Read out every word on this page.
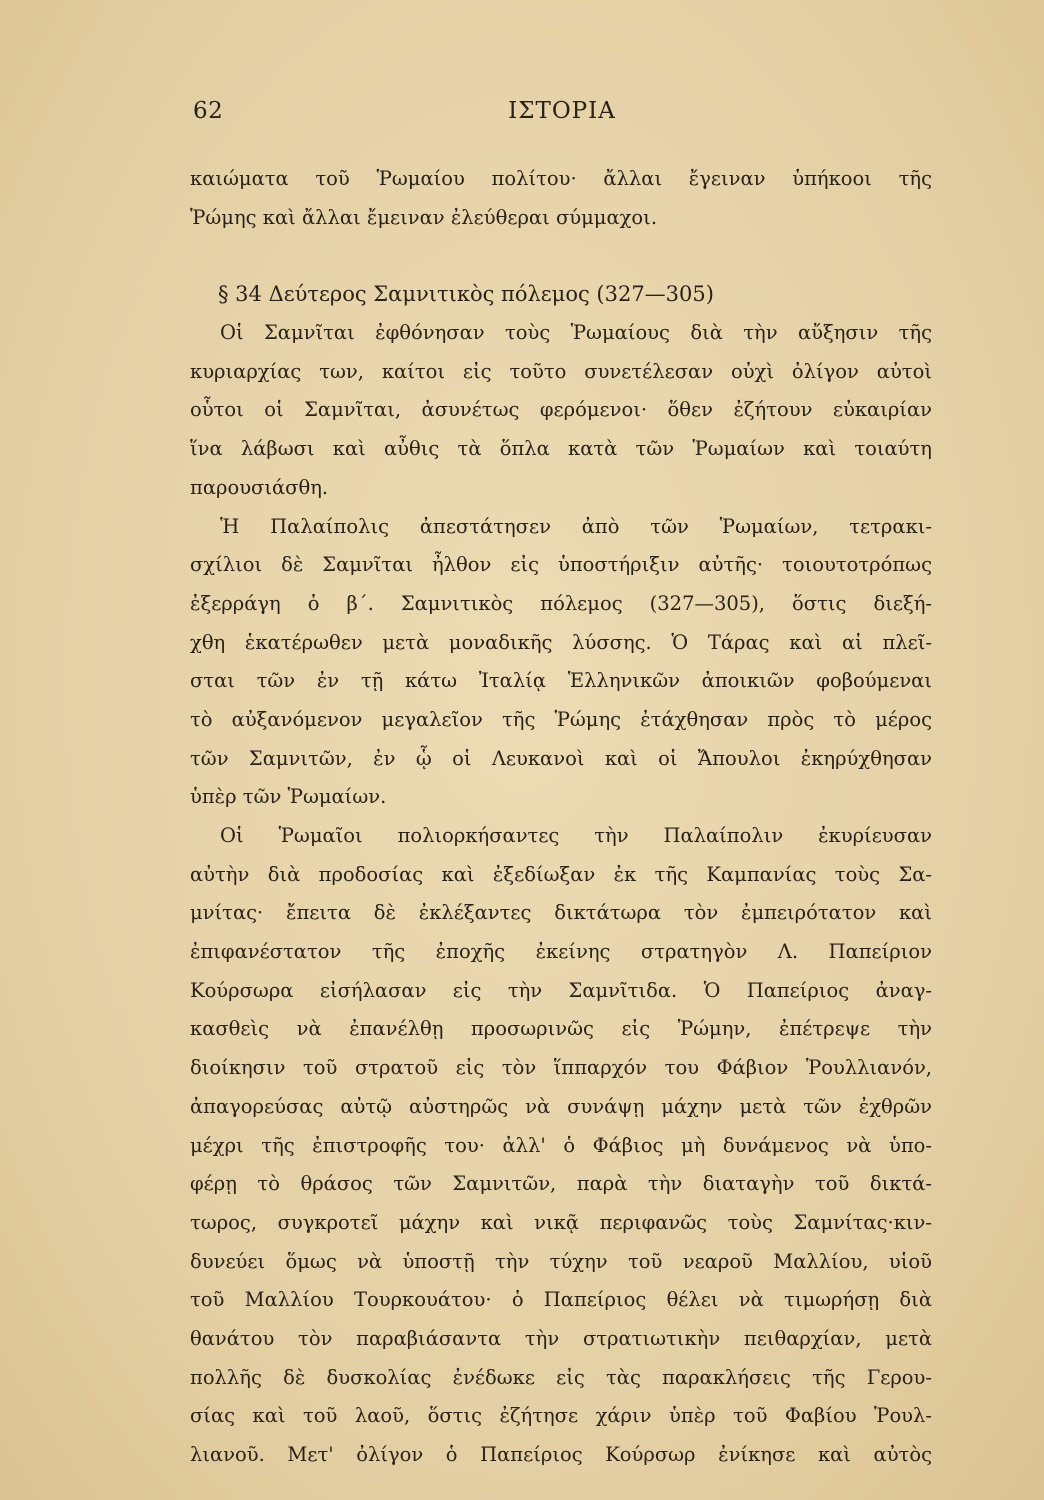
62	ΙΣΤΟΡΙΑ
καιώματα τοῦ Ῥωμαίου πολίτου· ἄλλαι ἔγειναν ὑπήκοοι τῆς
Ῥώμης καὶ ἄλλαι ἔμειναν ἐλεύθεραι σύμμαχοι.
§ 34 Δεύτερος Σαμνιτικὸς πόλεμος (327—305)
Οἱ Σαμνῖται ἐφθόνησαν τοὺς Ῥωμαίους διὰ τὴν αὔξησιν τῆς
κυριαρχίας των, καίτοι εἰς τοῦτο συνετέλεσαν οὐχὶ ὀλίγον αὐτοὶ
οὗτοι οἱ Σαμνῖται, ἀσυνέτως φερόμενοι· ὅθεν ἐζήτουν εὐκαιρίαν
ἵνα λάβωσι καὶ αὖθις τὰ ὅπλα κατὰ τῶν Ῥωμαίων καὶ τοιαύτη
παρουσιάσθη.
Ἡ Παλαίπολις ἀπεστάτησεν ἀπὸ τῶν Ῥωμαίων, τετρακι-
σχίλιοι δὲ Σαμνῖται ἦλθον εἰς ὑποστήριξιν αὐτῆς· τοιουτοτρόπως
ἐξερράγη ὁ β΄. Σαμνιτικὸς πόλεμος (327—305), ὅστις διεξή-
χθη ἑκατέρωθεν μετὰ μοναδικῆς λύσσης. Ὁ Τάρας καὶ αἱ πλεῖ-
σται τῶν ἐν τῇ κάτω Ἰταλίᾳ Ἑλληνικῶν ἀποικιῶν φοβούμεναι
τὸ αὐξανόμενον μεγαλεῖον τῆς Ῥώμης ἐτάχθησαν πρὸς τὸ μέρος
τῶν Σαμνιτῶν, ἐν ᾧ οἱ Λευκανοὶ καὶ οἱ Ἄπουλοι ἐκηρύχθησαν
ὑπὲρ τῶν Ῥωμαίων.
Οἱ Ῥωμαῖοι πολιορκήσαντες τὴν Παλαίπολιν ἐκυρίευσαν
αὐτὴν διὰ προδοσίας καὶ ἐξεδίωξαν ἐκ τῆς Καμπανίας τοὺς Σα-
μνίτας· ἔπειτα δὲ ἐκλέξαντες δικτάτωρα τὸν ἐμπειρότατον καὶ
ἐπιφανέστατον τῆς ἐποχῆς ἐκείνης στρατηγὸν Λ. Παπείριον
Κούρσωρα εἰσήλασαν εἰς τὴν Σαμνῖτιδα. Ὁ Παπείριος ἀναγ-
κασθεὶς νὰ ἐπανέλθῃ προσωρινῶς εἰς Ῥώμην, ἐπέτρεψε τὴν
διοίκησιν τοῦ στρατοῦ εἰς τὸν ἵππαρχόν του Φάβιον Ῥουλλιανόν,
ἀπαγορεύσας αὐτῷ αὐστηρῶς νὰ συνάψῃ μάχην μετὰ τῶν ἐχθρῶν
μέχρι τῆς ἐπιστροφῆς του· ἀλλ' ὁ Φάβιος μὴ δυνάμενος νὰ ὑπο-
φέρῃ τὸ θράσος τῶν Σαμνιτῶν, παρὰ τὴν διαταγὴν τοῦ δικτά-
τωρος, συγκροτεῖ μάχην καὶ νικᾷ περιφανῶς τοὺς Σαμνίτας·κιν-
δυνεύει ὅμως νὰ ὑποστῇ τὴν τύχην τοῦ νεαροῦ Μαλλίου, υἱοῦ
τοῦ Μαλλίου Τουρκουάτου· ὁ Παπείριος θέλει νὰ τιμωρήσῃ διὰ
θανάτου τὸν παραβιάσαντα τὴν στρατιωτικὴν πειθαρχίαν, μετὰ
πολλῆς δὲ δυσκολίας ἐνέδωκε εἰς τὰς παρακλήσεις τῆς Γερου-
σίας καὶ τοῦ λαοῦ, ὅστις ἐζήτησε χάριν ὑπὲρ τοῦ Φαβίου Ῥουλ-
λιανοῦ. Μετ' ὀλίγον ὁ Παπείριος Κούρσωρ ἐνίκησε καὶ αὐτὸς
